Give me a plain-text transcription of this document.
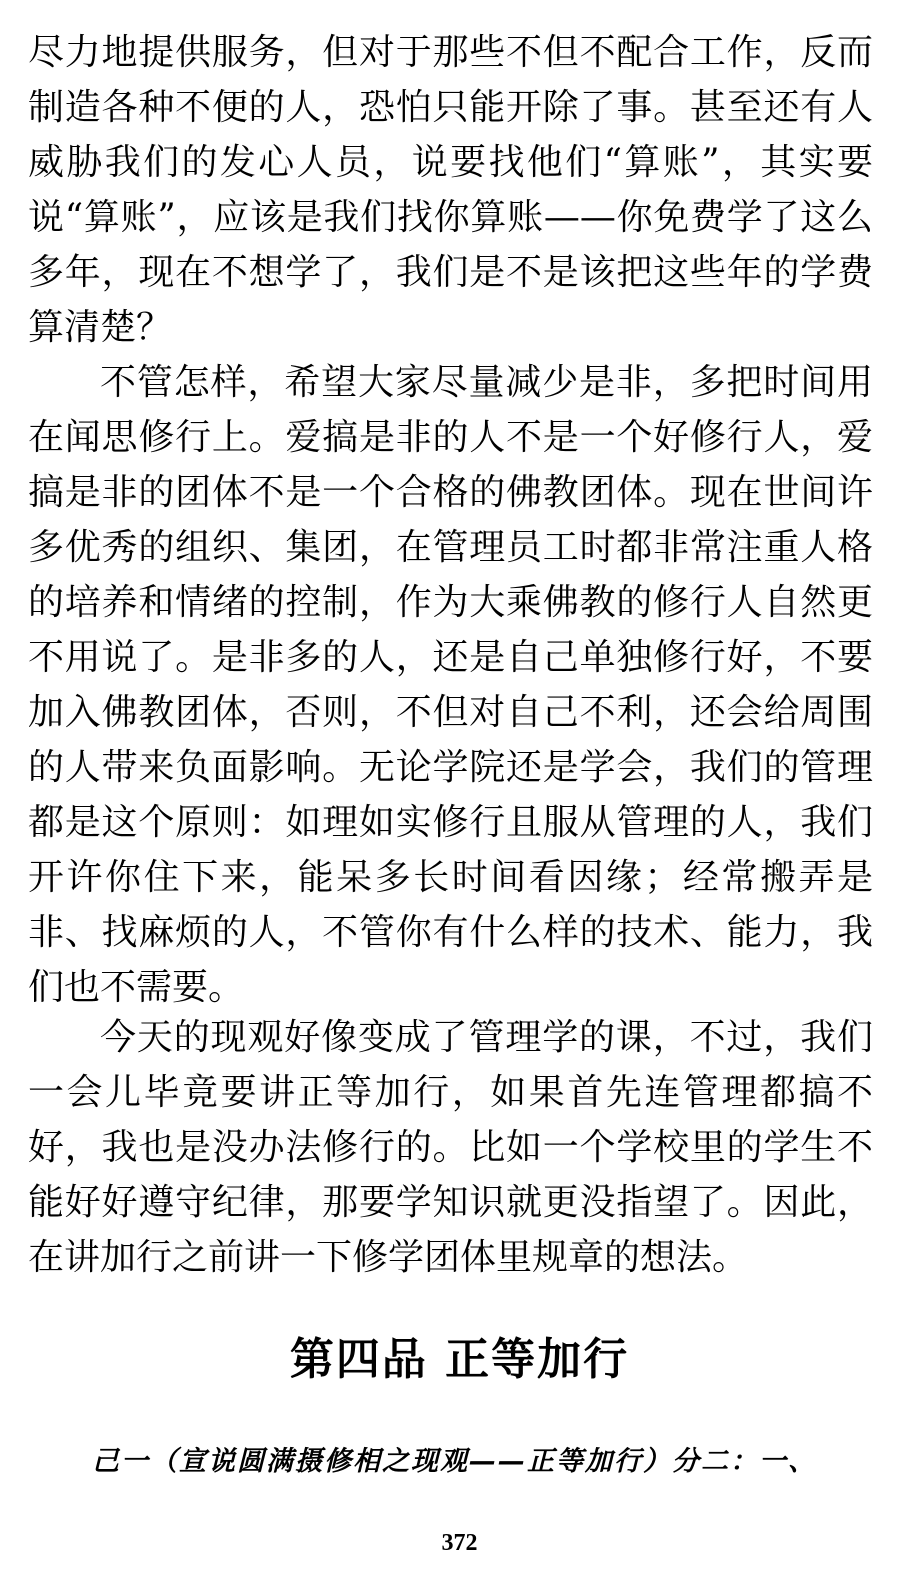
尽力地提供服务，但对于那些不但不配合工作，反而制造各种不便的人，恐怕只能开除了事。甚至还有人威胁我们的发心人员，说要找他们“算账”，其实要说“算账”，应该是我们找你算账——你免费学了这么多年，现在不想学了，我们是不是该把这些年的学费算清楚？

不管怎样，希望大家尽量减少是非，多把时间用在闻思修行上。爱搞是非的人不是一个好修行人，爱搞是非的团体不是一个合格的佛教团体。现在世间许多优秀的组织、集团，在管理员工时都非常注重人格的培养和情绪的控制，作为大乘佛教的修行人自然更不用说了。是非多的人，还是自己单独修行好，不要加入佛教团体，否则，不但对自己不利，还会给周围的人带来负面影响。无论学院还是学会，我们的管理都是这个原则：如理如实修行且服从管理的人，我们开许你住下来，能呆多长时间看因缘；经常搬弄是非、找麻烦的人，不管你有什么样的技术、能力，我们也不需要。

今天的现观好像变成了管理学的课，不过，我们一会儿毕竟要讲正等加行，如果首先连管理都搞不好，我也是没办法修行的。比如一个学校里的学生不能好好遵守纪律，那要学知识就更没指望了。因此，在讲加行之前讲一下修学团体里规章的想法。

第四品 正等加行
己一（宣说圆满摄修相之现观——正等加行）分二：一、
372
